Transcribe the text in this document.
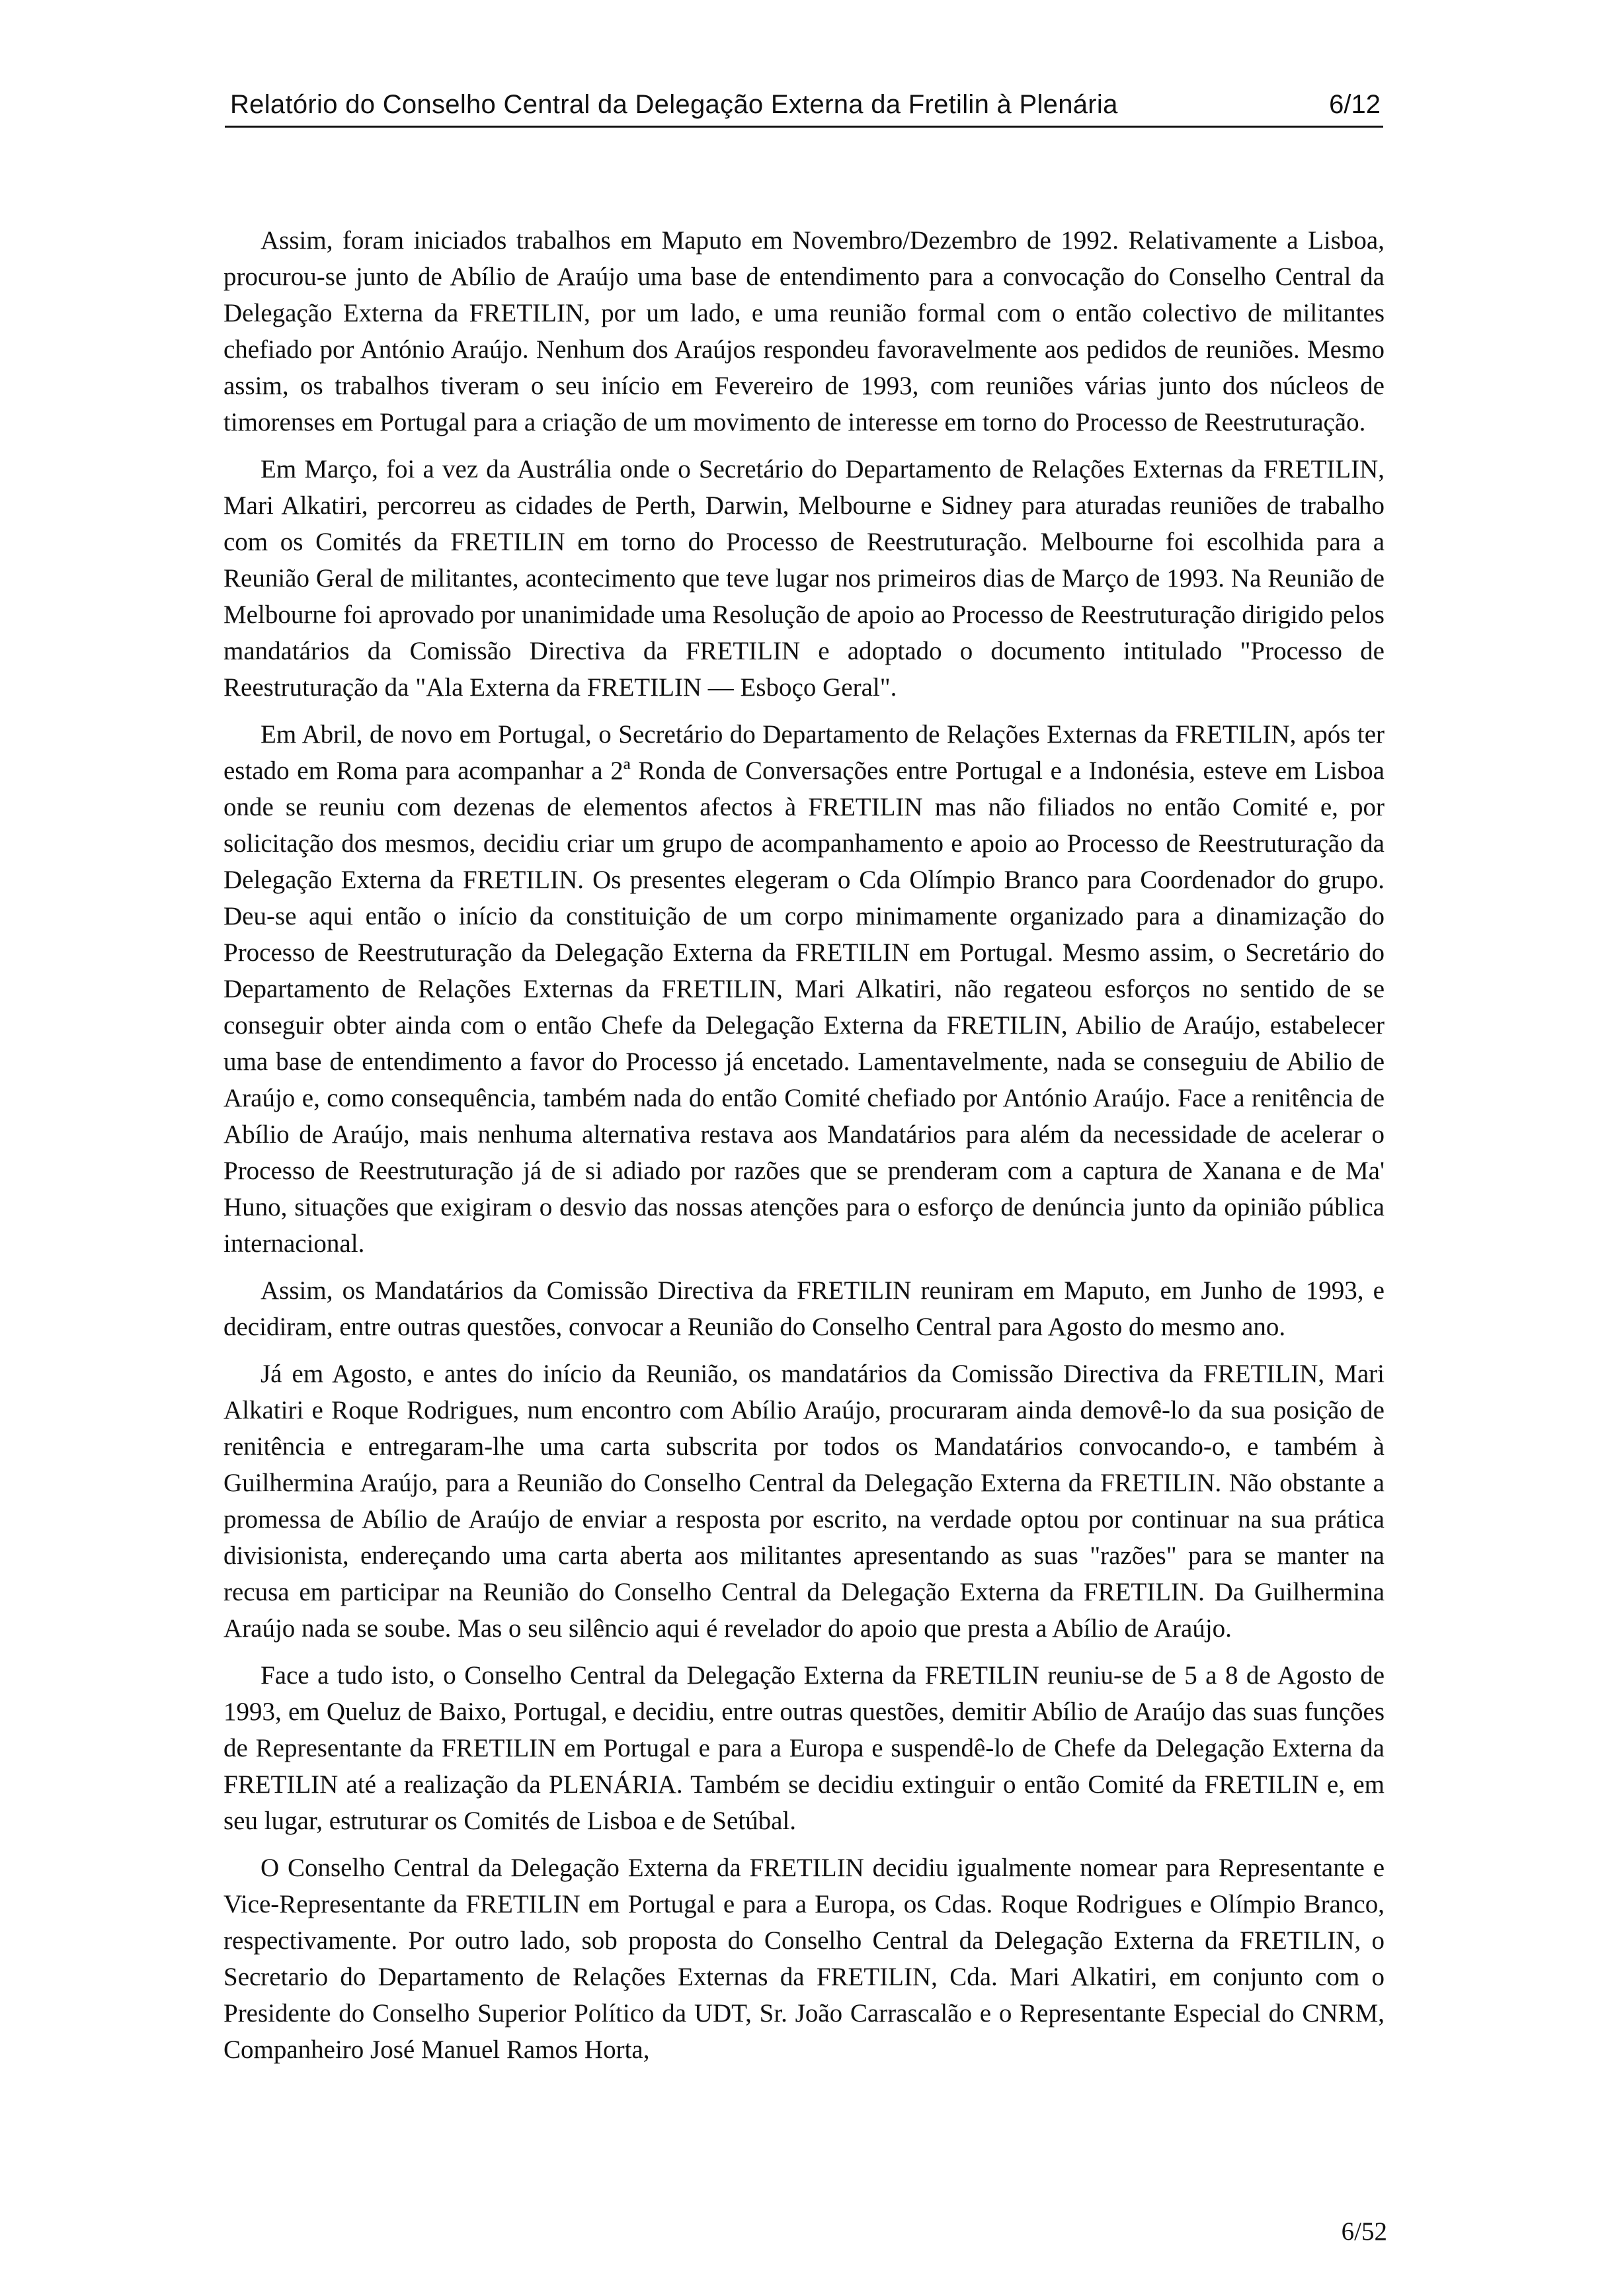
Relatório do Conselho Central da Delegação Externa da Fretilin à Plenária	6/12

Assim, foram iniciados trabalhos em Maputo em Novembro/Dezembro de 1992. Relativamente a Lisboa, procurou-se junto de Abílio de Araújo uma base de entendimento para a convocação do Conselho Central da Delegação Externa da FRETILIN, por um lado, e uma reunião formal com o então colectivo de militantes chefiado por António Araújo. Nenhum dos Araújos respondeu favoravelmente aos pedidos de reuniões. Mesmo assim, os trabalhos tiveram o seu início em Fevereiro de 1993, com reuniões várias junto dos núcleos de timorenses em Portugal para a criação de um movimento de interesse em torno do Processo de Reestruturação.

Em Março, foi a vez da Austrália onde o Secretário do Departamento de Relações Externas da FRETILIN, Mari Alkatiri, percorreu as cidades de Perth, Darwin, Melbourne e Sidney para aturadas reuniões de trabalho com os Comités da FRETILIN em torno do Processo de Reestruturação. Melbourne foi escolhida para a Reunião Geral de militantes, acontecimento que teve lugar nos primeiros dias de Março de 1993. Na Reunião de Melbourne foi aprovado por unanimidade uma Resolução de apoio ao Processo de Reestruturação dirigido pelos mandatários da Comissão Directiva da FRETILIN e adoptado o documento intitulado "Processo de Reestruturação da "Ala Externa da FRETILIN — Esboço Geral".

Em Abril, de novo em Portugal, o Secretário do Departamento de Relações Externas da FRETILIN, após ter estado em Roma para acompanhar a 2ª Ronda de Conversações entre Portugal e a Indonésia, esteve em Lisboa onde se reuniu com dezenas de elementos afectos à FRETILIN mas não filiados no então Comité e, por solicitação dos mesmos, decidiu criar um grupo de acompanhamento e apoio ao Processo de Reestruturação da Delegação Externa da FRETILIN. Os presentes elegeram o Cda Olímpio Branco para Coordenador do grupo. Deu-se aqui então o início da constituição de um corpo minimamente organizado para a dinamização do Processo de Reestruturação da Delegação Externa da FRETILIN em Portugal. Mesmo assim, o Secretário do Departamento de Relações Externas da FRETILIN, Mari Alkatiri, não regateou esforços no sentido de se conseguir obter ainda com o então Chefe da Delegação Externa da FRETILIN, Abilio de Araújo, estabelecer uma base de entendimento a favor do Processo já encetado. Lamentavelmente, nada se conseguiu de Abilio de Araújo e, como consequência, também nada do então Comité chefiado por António Araújo. Face a renitência de Abílio de Araújo, mais nenhuma alternativa restava aos Mandatários para além da necessidade de acelerar o Processo de Reestruturação já de si adiado por razões que se prenderam com a captura de Xanana e de Ma' Huno, situações que exigiram o desvio das nossas atenções para o esforço de denúncia junto da opinião pública internacional.

Assim, os Mandatários da Comissão Directiva da FRETILIN reuniram em Maputo, em Junho de 1993, e decidiram, entre outras questões, convocar a Reunião do Conselho Central para Agosto do mesmo ano.

Já em Agosto, e antes do início da Reunião, os mandatários da Comissão Directiva da FRETILIN, Mari Alkatiri e Roque Rodrigues, num encontro com Abílio Araújo, procuraram ainda demovê-lo da sua posição de renitência e entregaram-lhe uma carta subscrita por todos os Mandatários convocando-o, e também à Guilhermina Araújo, para a Reunião do Conselho Central da Delegação Externa da FRETILIN. Não obstante a promessa de Abílio de Araújo de enviar a resposta por escrito, na verdade optou por continuar na sua prática divisionista, endereçando uma carta aberta aos militantes apresentando as suas "razões" para se manter na recusa em participar na Reunião do Conselho Central da Delegação Externa da FRETILIN. Da Guilhermina Araújo nada se soube. Mas o seu silêncio aqui é revelador do apoio que presta a Abílio de Araújo.

Face a tudo isto, o Conselho Central da Delegação Externa da FRETILIN reuniu-se de 5 a 8 de Agosto de 1993, em Queluz de Baixo, Portugal, e decidiu, entre outras questões, demitir Abílio de Araújo das suas funções de Representante da FRETILIN em Portugal e para a Europa e suspendê-lo de Chefe da Delegação Externa da FRETILIN até a realização da PLENÁRIA. Também se decidiu extinguir o então Comité da FRETILIN e, em seu lugar, estruturar os Comités de Lisboa e de Setúbal.

O Conselho Central da Delegação Externa da FRETILIN decidiu igualmente nomear para Representante e Vice-Representante da FRETILIN em Portugal e para a Europa, os Cdas. Roque Rodrigues e Olímpio Branco, respectivamente. Por outro lado, sob proposta do Conselho Central da Delegação Externa da FRETILIN, o Secretario do Departamento de Relações Externas da FRETILIN, Cda. Mari Alkatiri, em conjunto com o Presidente do Conselho Superior Político da UDT, Sr. João Carrascalão e o Representante Especial do CNRM, Companheiro José Manuel Ramos Horta,

6/52
